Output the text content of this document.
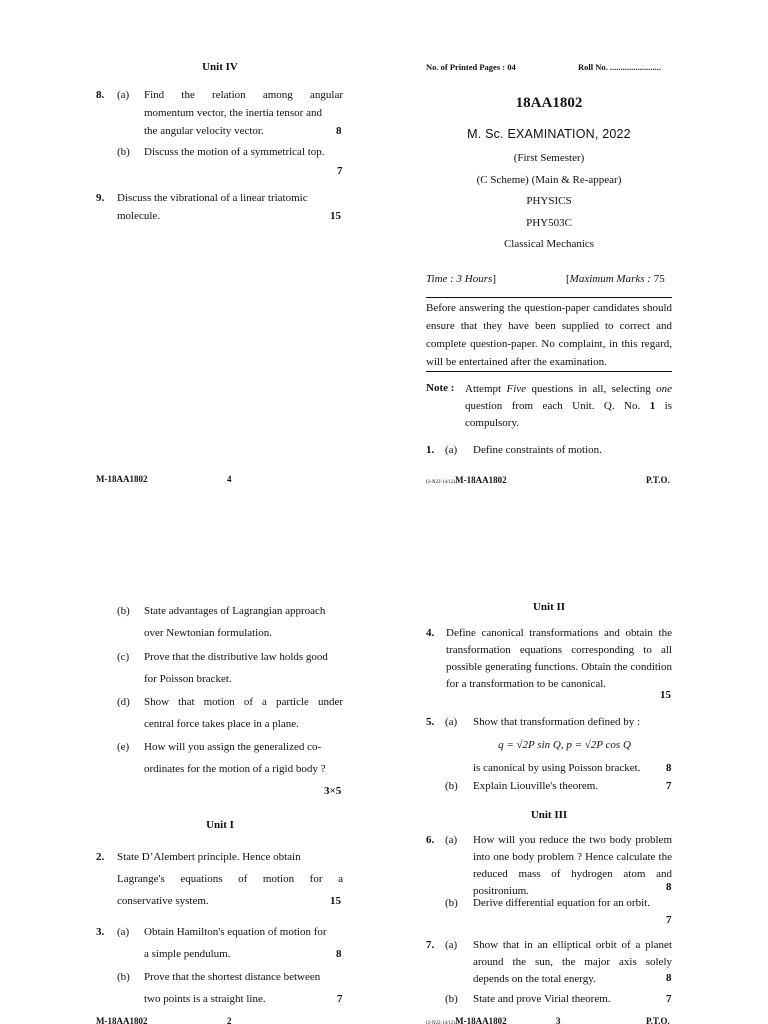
Unit IV
8. (a) Find the relation among angular
momentum vector, the inertia tensor and
the angular velocity vector.	8
(b) Discuss the motion of a symmetrical top.
7
9. Discuss the vibrational of a linear triatomic
molecule.	15
M-18AA1802	4
No. of Printed Pages : 04	Roll No. ........................
18AA1802
M. Sc. EXAMINATION, 2022
(First Semester)
(C Scheme) (Main & Re-appear)
PHYSICS
PHY503C
Classical Mechanics
Time : 3 Hours]	[Maximum Marks : 75
Before answering the question-paper candidates should ensure that they have been supplied to correct and complete question-paper. No complaint, in this regard, will be entertained after the examination.
Note : Attempt Five questions in all, selecting one question from each Unit. Q. No. 1 is compulsory.
1. (a) Define constraints of motion.
(2-N22-14/12)M-18AA1802	P.T.O.
(b) State advantages of Lagrangian approach
over Newtonian formulation.
(c) Prove that the distributive law holds good
for Poisson bracket.
(d) Show that motion of a particle under
central force takes place in a plane.
(e) How will you assign the generalized co-
ordinates for the motion of a rigid body ?
3×5
Unit I
2. State D’Alembert principle. Hence obtain
Lagrange's equations of motion for a
conservative system.	15
3. (a) Obtain Hamilton's equation of motion for
a simple pendulum.	8
(b) Prove that the shortest distance between
two points is a straight line.	7
M-18AA1802	2
Unit II
4. Define canonical transformations and obtain the transformation equations corresponding to all possible generating functions. Obtain the condition for a transformation to be canonical.
15
5. (a) Show that transformation defined by :
q = √2P sin Q, p = √2P cos Q
is canonical by using Poisson bracket. 8
(b) Explain Liouville's theorem.	7
Unit III
6. (a) How will you reduce the two body problem into one body problem ? Hence calculate the reduced mass of hydrogen atom and positronium.	8
(b) Derive differential equation for an orbit.
7
7. (a) Show that in an elliptical orbit of a planet around the sun, the major axis solely depends on the total energy.	8
(b) State and prove Virial theorem.	7
(2-N22-14/12)M-18AA1802	3	P.T.O.
